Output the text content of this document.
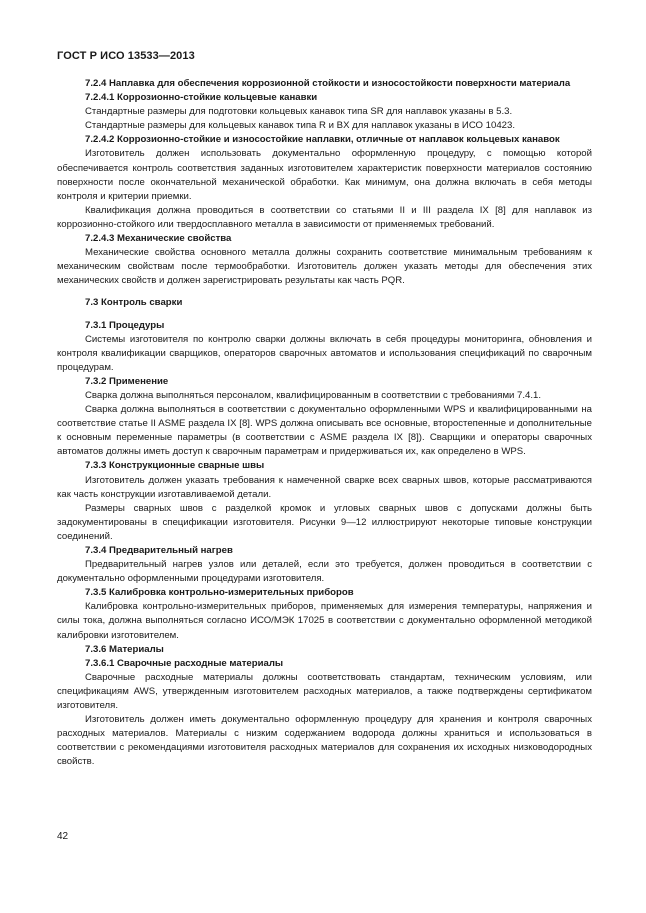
ГОСТ Р ИСО 13533—2013

7.2.4 Наплавка для обеспечения коррозионной стойкости и износостойкости поверхности материала

7.2.4.1 Коррозионно-стойкие кольцевые канавки

Стандартные размеры для подготовки кольцевых канавок типа SR для наплавок указаны в 5.3.

Стандартные размеры для кольцевых канавок типа R и BX для наплавок указаны в ИСО 10423.

7.2.4.2 Коррозионно-стойкие и износостойкие наплавки, отличные от наплавок кольцевых канавок

Изготовитель должен использовать документально оформленную процедуру, с помощью которой обеспечивается контроль соответствия заданных изготовителем характеристик поверхности материалов состоянию поверхности после окончательной механической обработки. Как минимум, она должна включать в себя методы контроля и критерии приемки.

Квалификация должна проводиться в соответствии со статьями II и III раздела IX [8] для наплавок из коррозионно-стойкого или твердосплавного металла в зависимости от применяемых требований.

7.2.4.3 Механические свойства

Механические свойства основного металла должны сохранить соответствие минимальным требованиям к механическим свойствам после термообработки. Изготовитель должен указать методы для обеспечения этих механических свойств и должен зарегистрировать результаты как часть PQR.

7.3 Контроль сварки

7.3.1 Процедуры

Системы изготовителя по контролю сварки должны включать в себя процедуры мониторинга, обновления и контроля квалификации сварщиков, операторов сварочных автоматов и использования спецификаций по сварочным процедурам.

7.3.2 Применение

Сварка должна выполняться персоналом, квалифицированным в соответствии с требованиями 7.4.1.

Сварка должна выполняться в соответствии с документально оформленными WPS и квалифицированными на соответствие статье II ASME раздела IX [8]. WPS должна описывать все основные, второстепенные и дополнительные к основным переменные параметры (в соответствии с ASME раздела IX [8]). Сварщики и операторы сварочных автоматов должны иметь доступ к сварочным параметрам и придерживаться их, как определено в WPS.

7.3.3 Конструкционные сварные швы

Изготовитель должен указать требования к намеченной сварке всех сварных швов, которые рассматриваются как часть конструкции изготавливаемой детали.

Размеры сварных швов с разделкой кромок и угловых сварных швов с допусками должны быть задокументированы в спецификации изготовителя. Рисунки 9—12 иллюстрируют некоторые типовые конструкции соединений.

7.3.4 Предварительный нагрев

Предварительный нагрев узлов или деталей, если это требуется, должен проводиться в соответствии с документально оформленными процедурами изготовителя.

7.3.5 Калибровка контрольно-измерительных приборов

Калибровка контрольно-измерительных приборов, применяемых для измерения температуры, напряжения и силы тока, должна выполняться согласно ИСО/МЭК 17025 в соответствии с документально оформленной методикой калибровки изготовителем.

7.3.6 Материалы

7.3.6.1 Сварочные расходные материалы

Сварочные расходные материалы должны соответствовать стандартам, техническим условиям, или спецификациям AWS, утвержденным изготовителем расходных материалов, а также подтверждены сертификатом изготовителя.

Изготовитель должен иметь документально оформленную процедуру для хранения и контроля сварочных расходных материалов. Материалы с низким содержанием водорода должны храниться и использоваться в соответствии с рекомендациями изготовителя расходных материалов для сохранения их исходных низководородных свойств.

42
